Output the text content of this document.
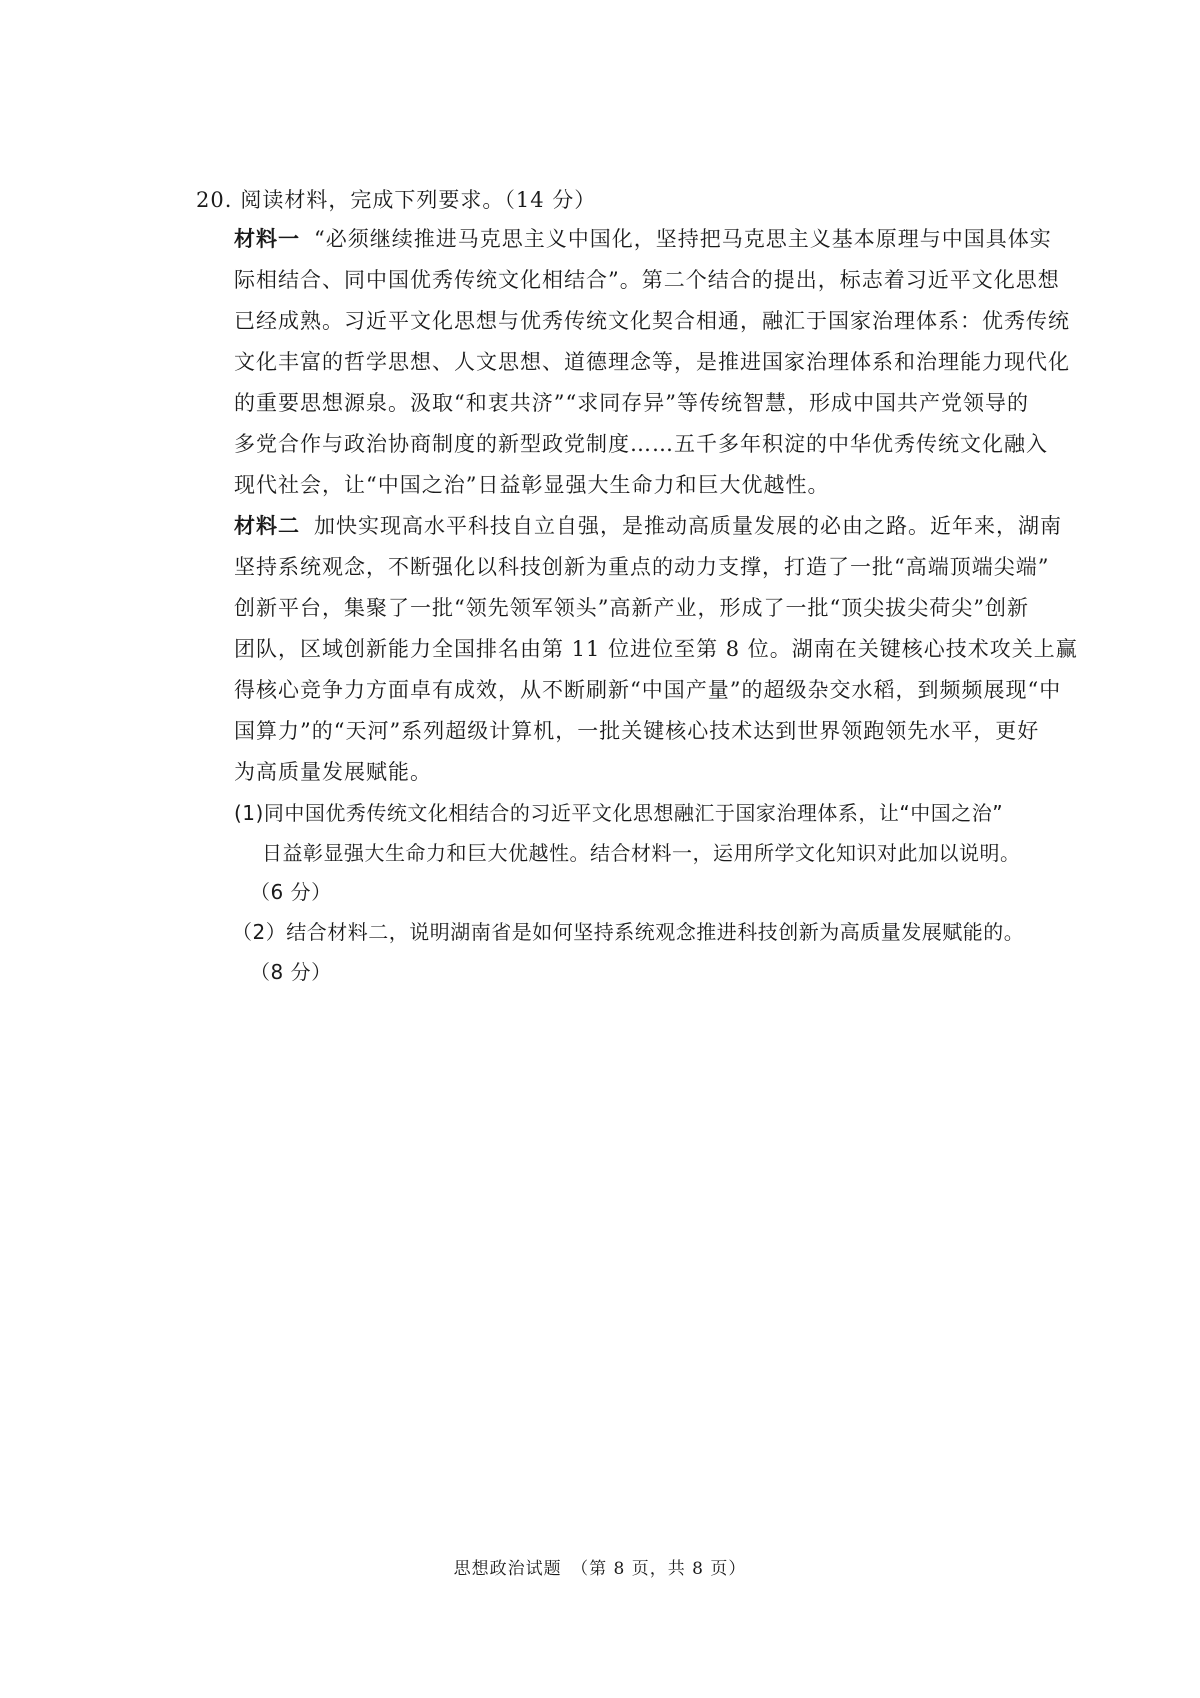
20. 阅读材料，完成下列要求。（14 分）
材料一 “必须继续推进马克思主义中国化，坚持把马克思主义基本原理与中国具体实
际相结合、同中国优秀传统文化相结合”。第二个结合的提出，标志着习近平文化思想
已经成熟。习近平文化思想与优秀传统文化契合相通，融汇于国家治理体系：优秀传统
文化丰富的哲学思想、人文思想、道德理念等，是推进国家治理体系和治理能力现代化
的重要思想源泉。汲取“和衷共济”“求同存异”等传统智慧，形成中国共产党领导的
多党合作与政治协商制度的新型政党制度……五千多年积淀的中华优秀传统文化融入
现代社会，让“中国之治”日益彰显强大生命力和巨大优越性。
材料二 加快实现高水平科技自立自强，是推动高质量发展的必由之路。近年来，湖南
坚持系统观念，不断强化以科技创新为重点的动力支撑，打造了一批“高端顶端尖端”
创新平台，集聚了一批“领先领军领头”高新产业，形成了一批“顶尖拔尖荷尖”创新
团队，区域创新能力全国排名由第 11 位进位至第 8 位。湖南在关键核心技术攻关上赢
得核心竞争力方面卓有成效，从不断刷新“中国产量”的超级杂交水稻，到频频展现“中
国算力”的“天河”系列超级计算机，一批关键核心技术达到世界领跑领先水平，更好
为高质量发展赋能。
(1)同中国优秀传统文化相结合的习近平文化思想融汇于国家治理体系，让“中国之治”
日益彰显强大生命力和巨大优越性。结合材料一，运用所学文化知识对此加以说明。
（6 分）
（2）结合材料二，说明湖南省是如何坚持系统观念推进科技创新为高质量发展赋能的。
（8 分）
思想政治试题　（第 8 页，共 8 页）
